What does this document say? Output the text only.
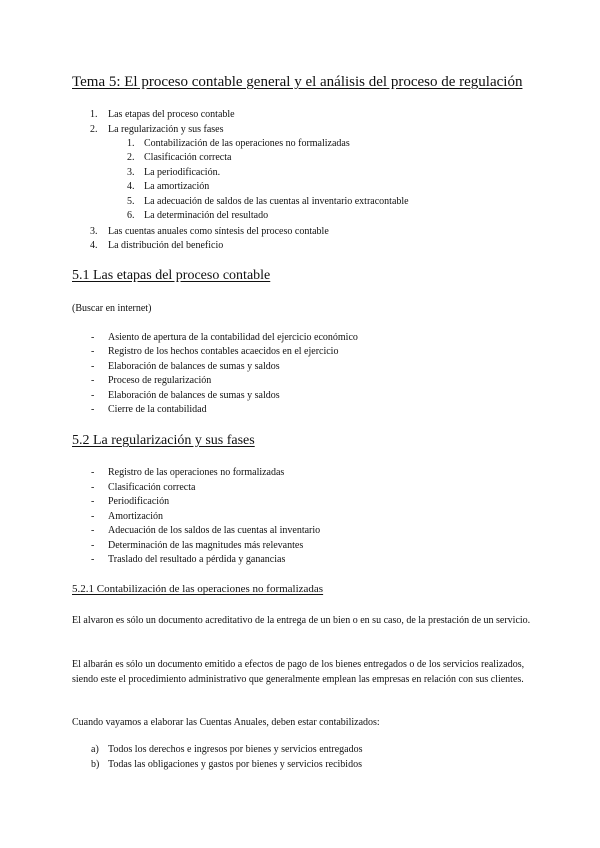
Tema 5: El proceso contable general y el análisis del proceso de regulación
1. Las etapas del proceso contable
2. La regularización y sus fases
1. Contabilización de las operaciones no formalizadas
2. Clasificación correcta
3. La periodificación.
4. La amortización
5. La adecuación de saldos de las cuentas al inventario extracontable
6. La determinación del resultado
3. Las cuentas anuales como síntesis del proceso contable
4. La distribución del beneficio
5.1 Las etapas del proceso contable
(Buscar en internet)
- Asiento de apertura de la contabilidad del ejercicio económico
- Registro de los hechos contables acaecidos en el ejercicio
- Elaboración de balances de sumas y saldos
- Proceso de regularización
- Elaboración de balances de sumas y saldos
- Cierre de la contabilidad
5.2 La regularización y sus fases
- Registro de las operaciones no formalizadas
- Clasificación correcta
- Periodificación
- Amortización
- Adecuación de los saldos de las cuentas al inventario
- Determinación de las magnitudes más relevantes
- Traslado del resultado a pérdida y ganancias
5.2.1 Contabilización de las operaciones no formalizadas
El alvaron es sólo un documento acreditativo de la entrega de un bien o en su caso, de la prestación de un servicio.
El albarán es sólo un documento emitido a efectos de pago de los bienes entregados o de los servicios realizados, siendo este el procedimiento administrativo que generalmente emplean las empresas en relación con sus clientes.
Cuando vayamos a elaborar las Cuentas Anuales, deben estar contabilizados:
a) Todos los derechos e ingresos por bienes y servicios entregados
b) Todas las obligaciones y gastos por bienes y servicios recibidos
